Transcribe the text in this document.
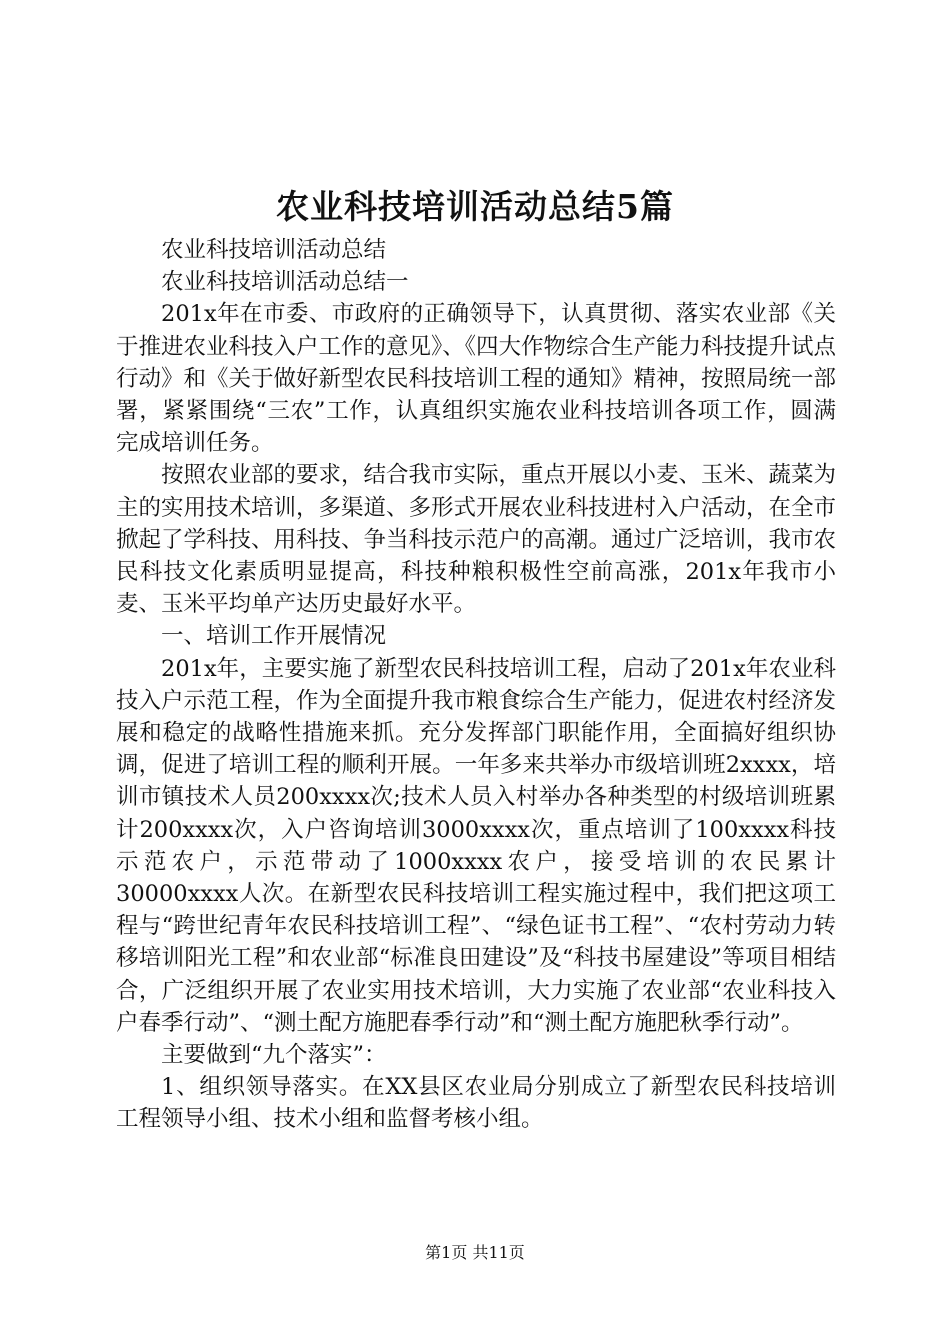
农业科技培训活动总结5篇

农业科技培训活动总结

农业科技培训活动总结一

201x年在市委、市政府的正确领导下，认真贯彻、落实农业部《关于推进农业科技入户工作的意见》、《四大作物综合生产能力科技提升试点行动》和《关于做好新型农民科技培训工程的通知》精神，按照局统一部署，紧紧围绕“三农”工作，认真组织实施农业科技培训各项工作，圆满完成培训任务。

按照农业部的要求，结合我市实际，重点开展以小麦、玉米、蔬菜为主的实用技术培训，多渠道、多形式开展农业科技进村入户活动，在全市掀起了学科技、用科技、争当科技示范户的高潮。通过广泛培训，我市农民科技文化素质明显提高，科技种粮积极性空前高涨，201x年我市小麦、玉米平均单产达历史最好水平。

一、培训工作开展情况

201x年，主要实施了新型农民科技培训工程，启动了201x年农业科技入户示范工程，作为全面提升我市粮食综合生产能力，促进农村经济发展和稳定的战略性措施来抓。充分发挥部门职能作用，全面搞好组织协调，促进了培训工程的顺利开展。一年多来共举办市级培训班2xxxx，培训市镇技术人员200xxxx次;技术人员入村举办各种类型的村级培训班累计200xxxx次，入户咨询培训3000xxxx次，重点培训了100xxxx科技示范农户，示范带动了1000xxxx农户，接受培训的农民累计30000xxxx人次。在新型农民科技培训工程实施过程中，我们把这项工程与“跨世纪青年农民科技培训工程”、“绿色证书工程”、“农村劳动力转移培训阳光工程”和农业部“标准良田建设”及“科技书屋建设”等项目相结合，广泛组织开展了农业实用技术培训，大力实施了农业部“农业科技入户春季行动”、“测土配方施肥春季行动”和“测土配方施肥秋季行动”。

主要做到“九个落实”：

1、组织领导落实。在XX县区农业局分别成立了新型农民科技培训工程领导小组、技术小组和监督考核小组。

第1页 共11页
